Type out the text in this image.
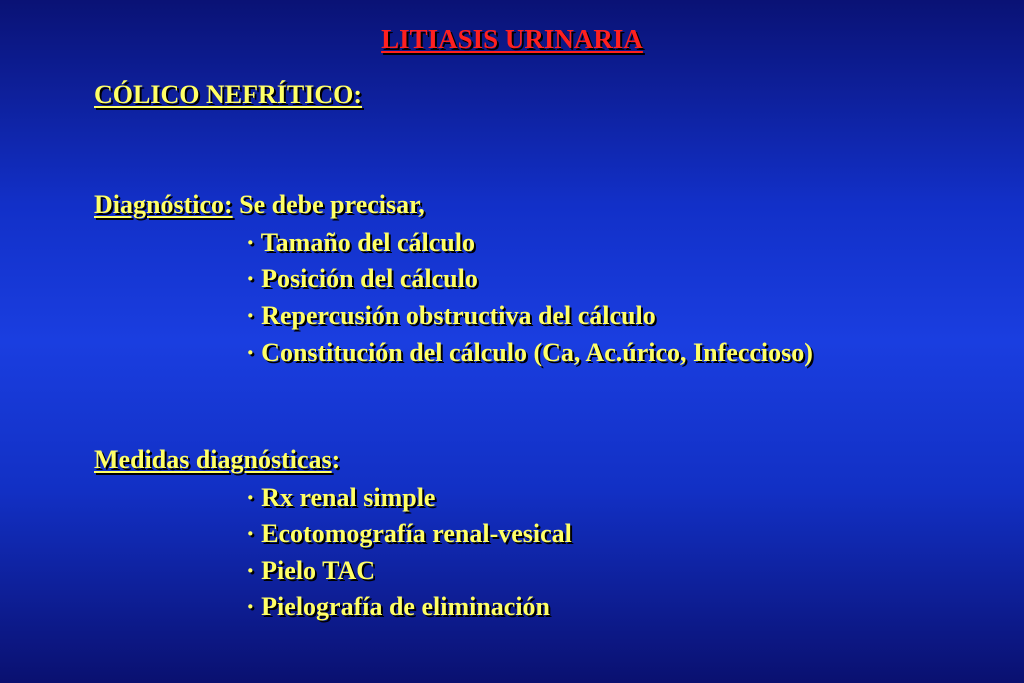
LITIASIS URINARIA
CÓLICO NEFRÍTICO:
Diagnóstico: Se debe precisar,
· Tamaño del cálculo
· Posición del cálculo
· Repercusión obstructiva del cálculo
· Constitución del cálculo (Ca, Ac.úrico, Infeccioso)
Medidas diagnósticas:
· Rx renal simple
· Ecotomografía renal-vesical
· Pielo TAC
· Pielografía de eliminación
